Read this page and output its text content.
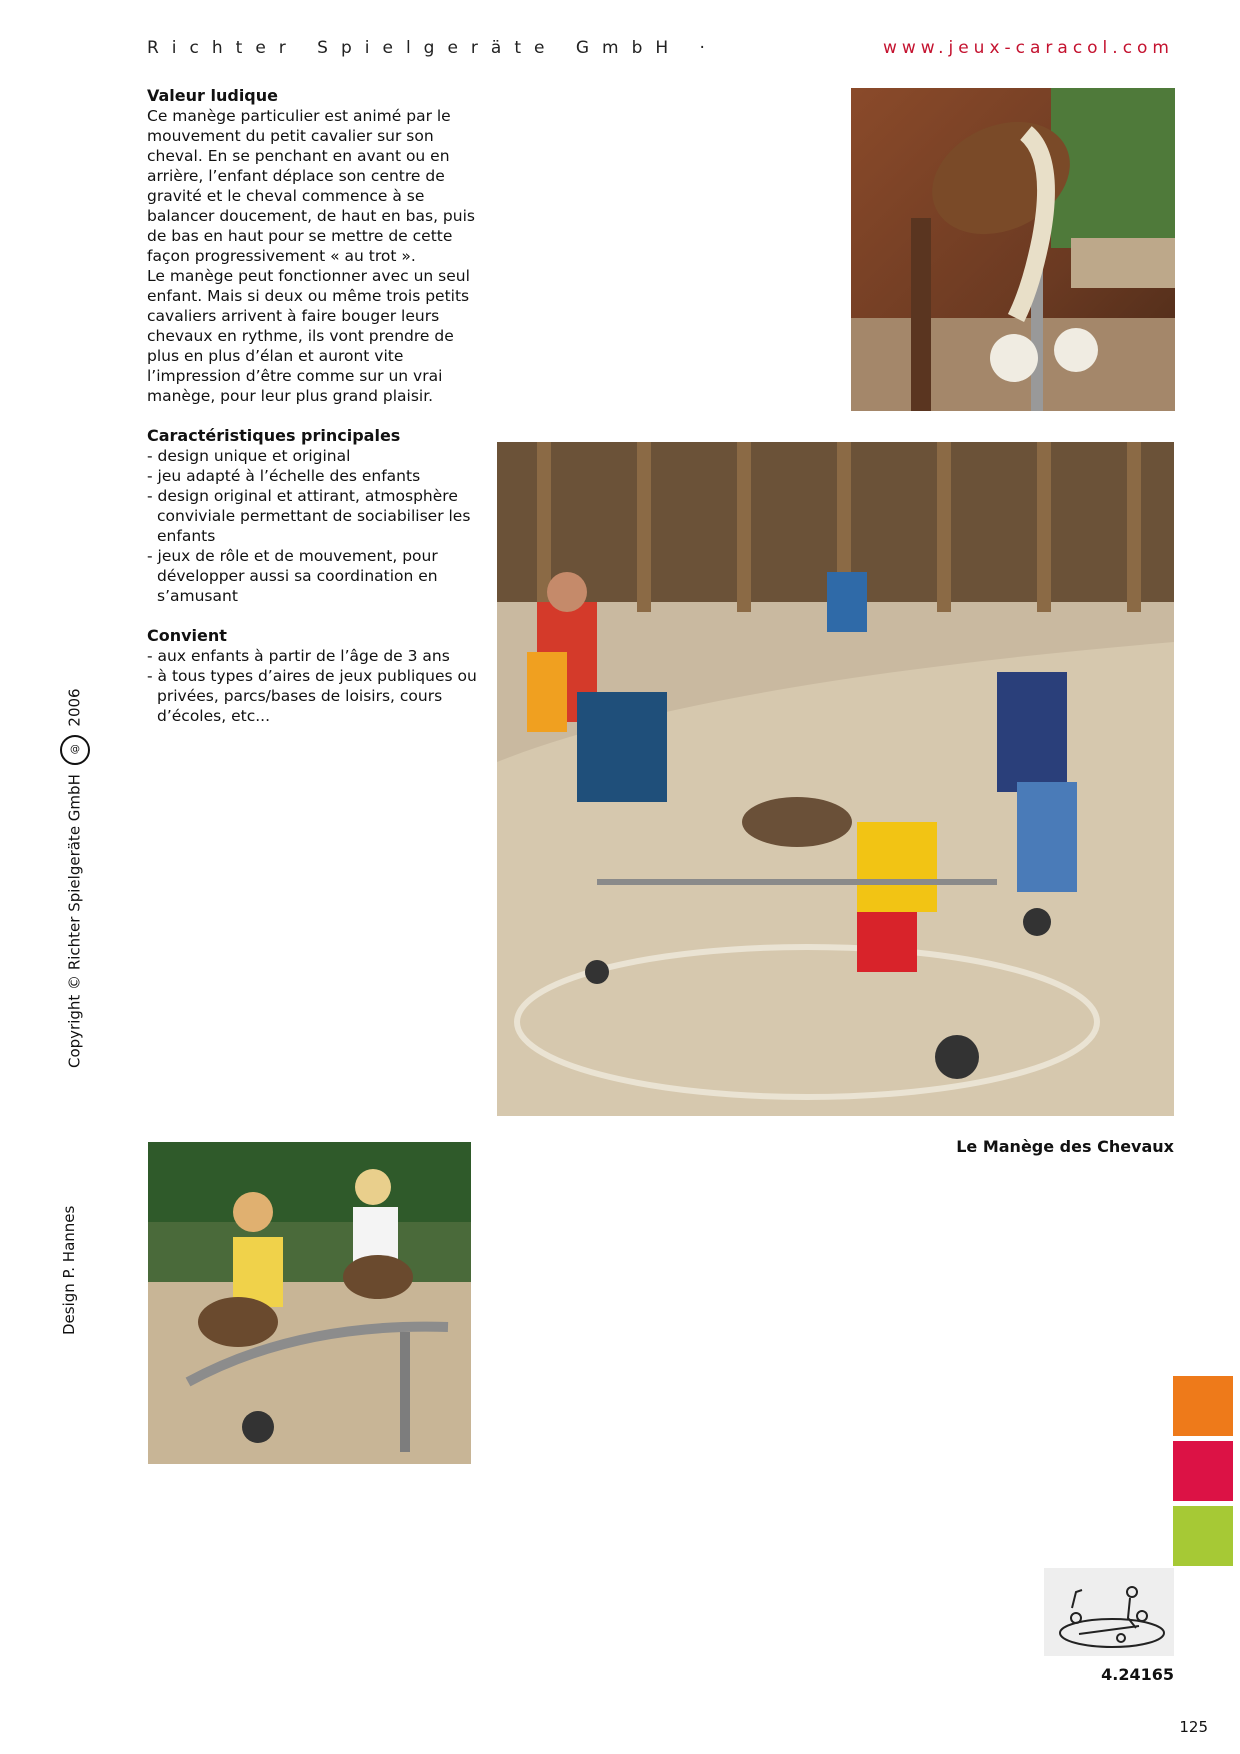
Richter Spielgeräte GmbH ·	www.jeux-caracol.com
Valeur ludique

Ce manège particulier est animé par le mouvement du petit cavalier sur son cheval. En se penchant en avant ou en arrière, l’enfant déplace son centre de gravité et le cheval commence à se balancer doucement, de haut en bas, puis de bas en haut pour se mettre de cette façon progressivement « au trot ».

Le manège peut fonctionner avec un seul enfant. Mais si deux ou même trois petits cavaliers arrivent à faire bouger leurs chevaux en rythme, ils vont prendre de plus en plus d’élan et auront vite l’impression d’être comme sur un vrai manège, pour leur plus grand plaisir.

Caractéristiques principales
- design unique et original
- jeu adapté à l’échelle des enfants
- design original et attirant, atmosphère conviviale permettant de sociabiliser les enfants
- jeux de rôle et de mouvement, pour développer aussi sa coordination en s’amusant
Convient
- aux enfants à partir de l’âge de 3 ans
- à tous types d’aires de jeux publiques ou privées, parcs/bases de loisirs, cours d’écoles, etc...
Le Manège des Chevaux
Copyright © Richter Spielgeräte GmbH @ 2006
Design P. Hannes
4.24165
125
